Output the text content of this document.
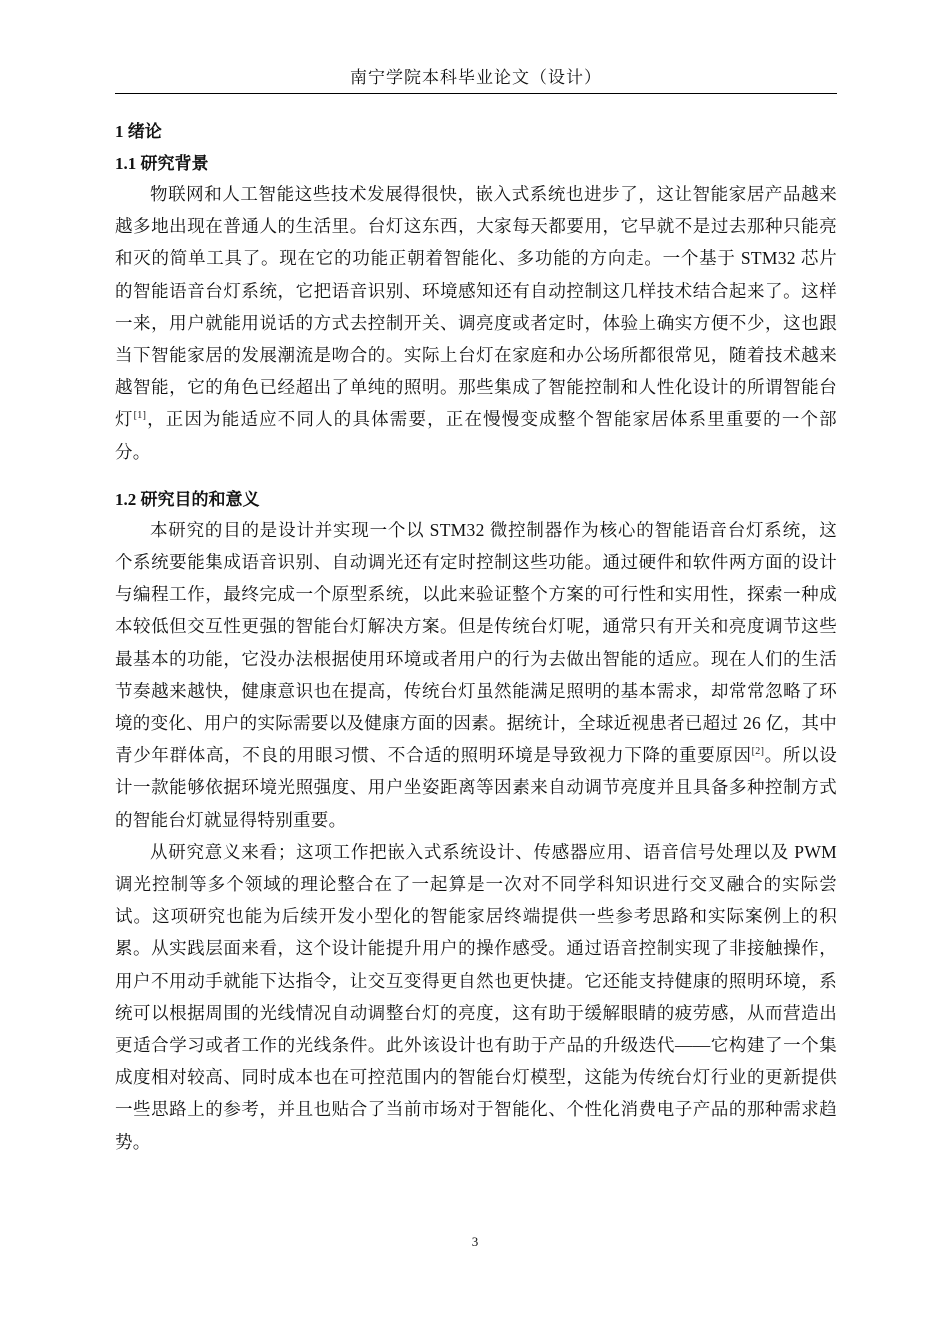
南宁学院本科毕业论文（设计）
1 绪论
1.1 研究背景

物联网和人工智能这些技术发展得很快，嵌入式系统也进步了，这让智能家居产品越来越多地出现在普通人的生活里。台灯这东西，大家每天都要用，它早就不是过去那种只能亮和灭的简单工具了。现在它的功能正朝着智能化、多功能的方向走。一个基于 STM32 芯片的智能语音台灯系统，它把语音识别、环境感知还有自动控制这几样技术结合起来了。这样一来，用户就能用说话的方式去控制开关、调亮度或者定时，体验上确实方便不少，这也跟当下智能家居的发展潮流是吻合的。实际上台灯在家庭和办公场所都很常见，随着技术越来越智能，它的角色已经超出了单纯的照明。那些集成了智能控制和人性化设计的所谓智能台灯[1]，正因为能适应不同人的具体需要，正在慢慢变成整个智能家居体系里重要的一个部分。

1.2 研究目的和意义

本研究的目的是设计并实现一个以 STM32 微控制器作为核心的智能语音台灯系统，这个系统要能集成语音识别、自动调光还有定时控制这些功能。通过硬件和软件两方面的设计与编程工作，最终完成一个原型系统，以此来验证整个方案的可行性和实用性，探索一种成本较低但交互性更强的智能台灯解决方案。但是传统台灯呢，通常只有开关和亮度调节这些最基本的功能，它没办法根据使用环境或者用户的行为去做出智能的适应。现在人们的生活节奏越来越快，健康意识也在提高，传统台灯虽然能满足照明的基本需求，却常常忽略了环境的变化、用户的实际需要以及健康方面的因素。据统计，全球近视患者已超过 26 亿，其中青少年群体高，不良的用眼习惯、不合适的照明环境是导致视力下降的重要原因[2]。所以设计一款能够依据环境光照强度、用户坐姿距离等因素来自动调节亮度并且具备多种控制方式的智能台灯就显得特别重要。

从研究意义来看；这项工作把嵌入式系统设计、传感器应用、语音信号处理以及 PWM 调光控制等多个领域的理论整合在了一起算是一次对不同学科知识进行交叉融合的实际尝试。这项研究也能为后续开发小型化的智能家居终端提供一些参考思路和实际案例上的积累。从实践层面来看，这个设计能提升用户的操作感受。通过语音控制实现了非接触操作，用户不用动手就能下达指令，让交互变得更自然也更快捷。它还能支持健康的照明环境，系统可以根据周围的光线情况自动调整台灯的亮度，这有助于缓解眼睛的疲劳感，从而营造出更适合学习或者工作的光线条件。此外该设计也有助于产品的升级迭代——它构建了一个集成度相对较高、同时成本也在可控范围内的智能台灯模型，这能为传统台灯行业的更新提供一些思路上的参考，并且也贴合了当前市场对于智能化、个性化消费电子产品的那种需求趋势。

3
